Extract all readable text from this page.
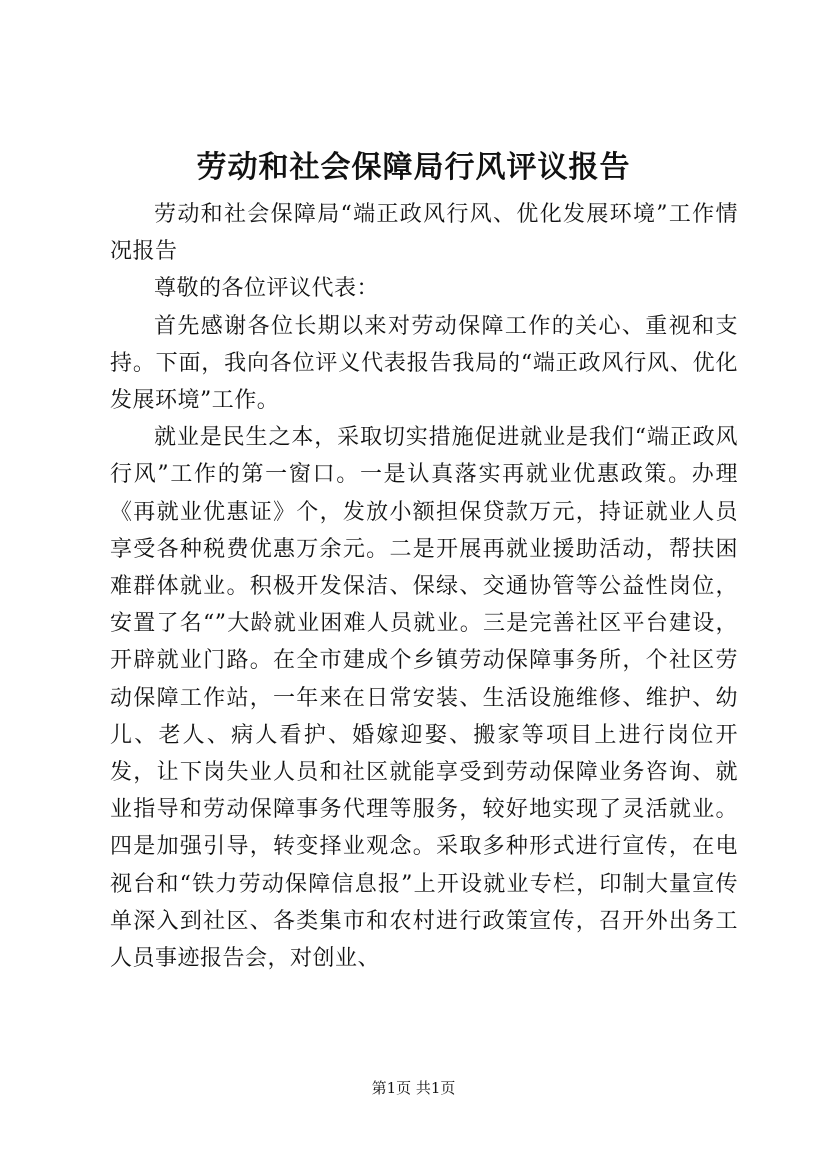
劳动和社会保障局行风评议报告

劳动和社会保障局“端正政风行风、优化发展环境”工作情况报告

尊敬的各位评议代表：

首先感谢各位长期以来对劳动保障工作的关心、重视和支持。下面，我向各位评义代表报告我局的“端正政风行风、优化发展环境”工作。

就业是民生之本，采取切实措施促进就业是我们“端正政风行风”工作的第一窗口。一是认真落实再就业优惠政策。办理《再就业优惠证》个，发放小额担保贷款万元，持证就业人员享受各种税费优惠万余元。二是开展再就业援助活动，帮扶困难群体就业。积极开发保洁、保绿、交通协管等公益性岗位，安置了名“”大龄就业困难人员就业。三是完善社区平台建设，开辟就业门路。在全市建成个乡镇劳动保障事务所，个社区劳动保障工作站，一年来在日常安装、生活设施维修、维护、幼儿、老人、病人看护、婚嫁迎娶、搬家等项目上进行岗位开发，让下岗失业人员和社区就能享受到劳动保障业务咨询、就业指导和劳动保障事务代理等服务，较好地实现了灵活就业。四是加强引导，转变择业观念。采取多种形式进行宣传，在电视台和“铁力劳动保障信息报”上开设就业专栏，印制大量宣传单深入到社区、各类集市和农村进行政策宣传，召开外出务工人员事迹报告会，对创业、

第1页 共1页
